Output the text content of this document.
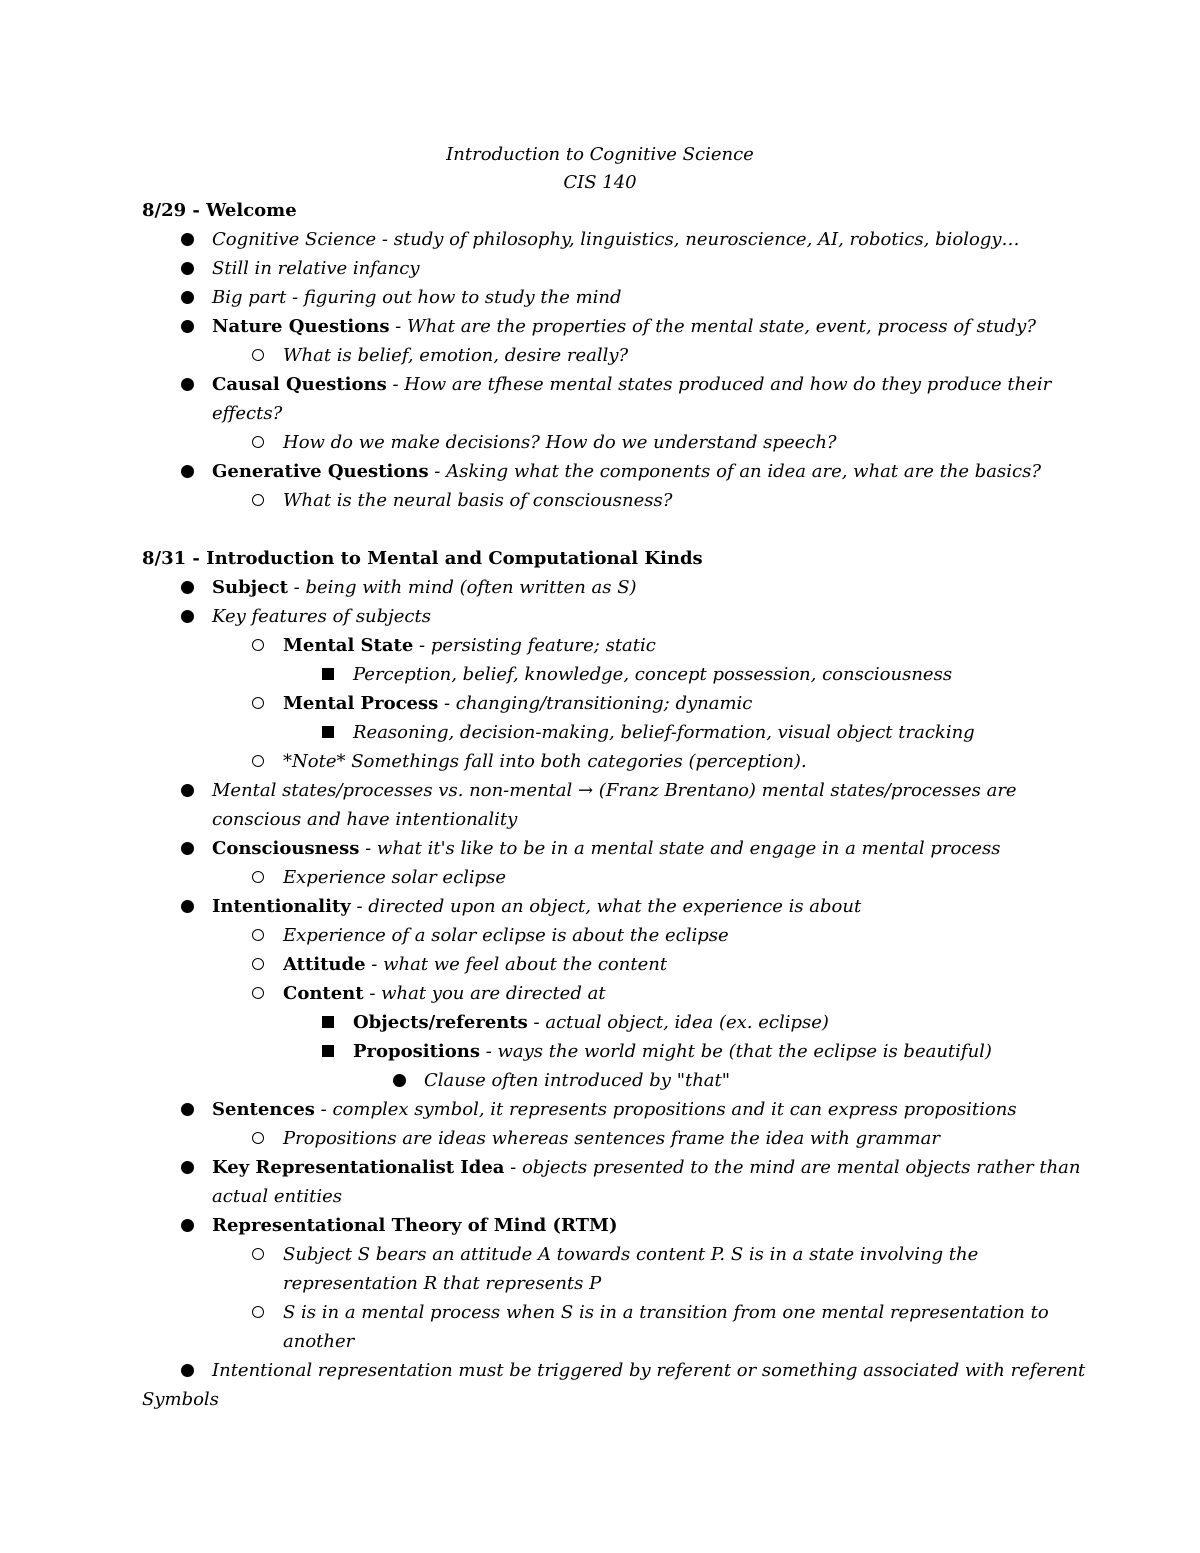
Introduction to Cognitive Science
CIS 140
8/29 - Welcome
Cognitive Science - study of philosophy, linguistics, neuroscience, AI, robotics, biology…
Still in relative infancy
Big part - figuring out how to study the mind
Nature Questions - What are the properties of the mental state, event, process of study?
What is belief, emotion, desire really?
Causal Questions - How are tfhese mental states produced and how do they produce their
effects?
How do we make decisions? How do we understand speech?
Generative Questions - Asking what the components of an idea are, what are the basics?
What is the neural basis of consciousness?
8/31 - Introduction to Mental and Computational Kinds
Subject - being with mind (often written as S)
Key features of subjects
Mental State - persisting feature; static
Perception, belief, knowledge, concept possession, consciousness
Mental Process - changing/transitioning; dynamic
Reasoning, decision-making, belief-formation, visual object tracking
*Note* Somethings fall into both categories (perception).
Mental states/processes vs. non-mental → (Franz Brentano) mental states/processes are
conscious and have intentionality
Consciousness - what it's like to be in a mental state and engage in a mental process
Experience solar eclipse
Intentionality - directed upon an object, what the experience is about
Experience of a solar eclipse is about the eclipse
Attitude - what we feel about the content
Content - what you are directed at
Objects/referents - actual object, idea (ex. eclipse)
Propositions - ways the world might be (that the eclipse is beautiful)
Clause often introduced by "that"
Sentences - complex symbol, it represents propositions and it can express propositions
Propositions are ideas whereas sentences frame the idea with grammar
Key Representationalist Idea - objects presented to the mind are mental objects rather than
actual entities
Representational Theory of Mind (RTM)
Subject S bears an attitude A towards content P. S is in a state involving the
representation R that represents P
S is in a mental process when S is in a transition from one mental representation to
another
Intentional representation must be triggered by referent or something associated with referent
Symbols
